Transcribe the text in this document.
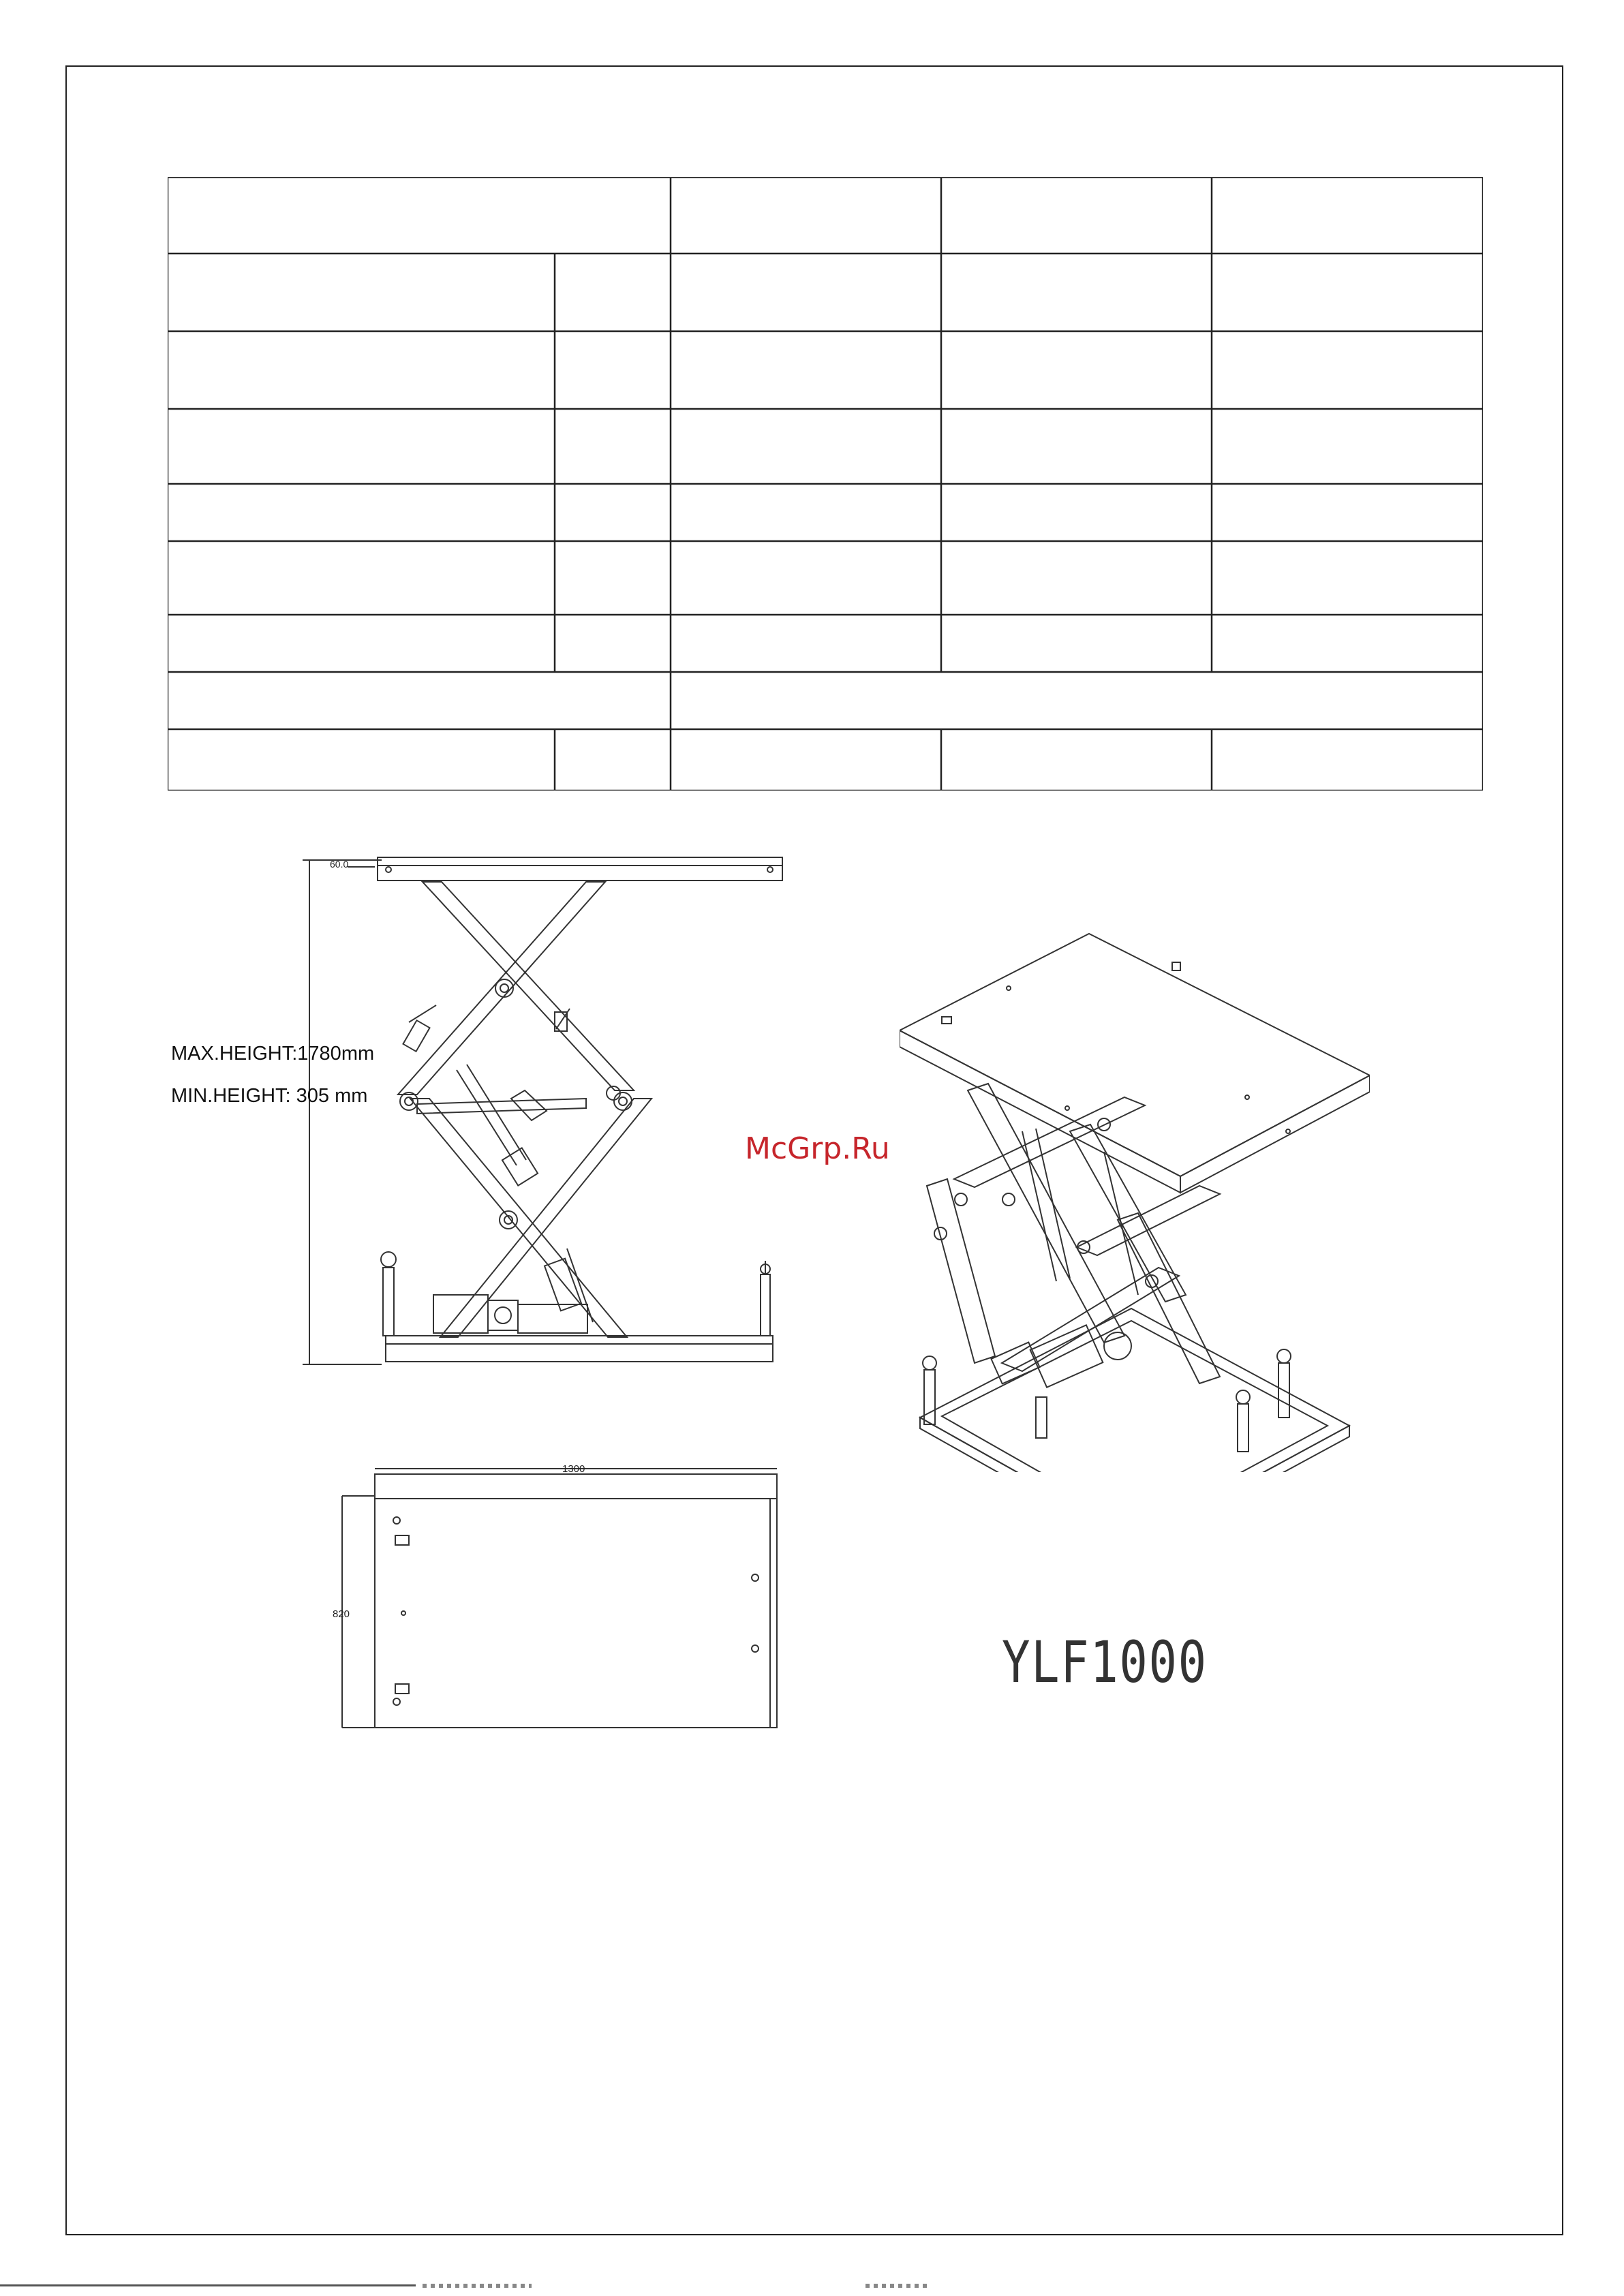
60.0
MAX.HEIGHT:1780mm
MIN.HEIGHT: 305 mm
1300
820
McGrp.Ru
YLF1000
